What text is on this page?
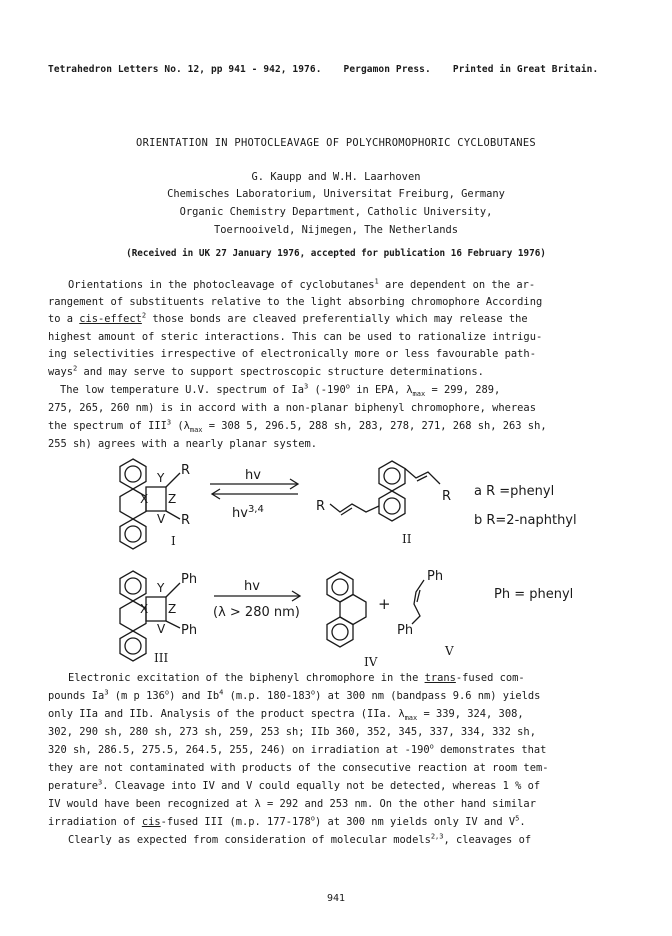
Tetrahedron Letters No. 12, pp 941 - 942, 1976. Pergamon Press. Printed in Great Britain.
ORIENTATION IN PHOTOCLEAVAGE OF POLYCHROMOPHORIC CYCLOBUTANES
G. Kaupp and W.H. Laarhoven
Chemisches Laboratorium, Universitat Freiburg, Germany
Organic Chemistry Department, Catholic University,
Toernooiveld, Nijmegen, The Netherlands
(Received in UK 27 January 1976, accepted for publication 16 February 1976)
Orientations in the photocleavage of cyclobutanes$^1$ are dependent on the ar-
rangement of substituents relative to the light absorbing chromophore According
to a cis-effect$^2$ those bonds are cleaved preferentially which may release the
highest amount of steric interactions. This can be used to rationalize intrigu-
ing selectivities irrespective of electronically more or less favourable path-
ways$^2$ and may serve to support spectroscopic structure determinations.
The low temperature U.V. spectrum of Ia$^3$ (-190$^o$ in EPA, $\lambda_{max} = 299$, 289,
275, 265, 260 nm) is in accord with a non-planar biphenyl chromophore, whereas
the spectrum of III$^3$ ($\lambda_{max} = 308$ 5, 296.5, 288 sh, 283, 278, 271, 268 sh, 263 sh,
255 sh) agrees with a nearly planar system.
Y
X Z
V
R
R
hv
hv$^{3,4}$
I
R
R
II
a R =phenyl
b R=2-naphthyl
Y
X Z
V
Ph
Ph
hv
(λ > 280 nm)
III
+
IV
Ph
Ph
V
Ph = phenyl
Electronic excitation of the biphenyl chromophore in the trans-fused com-
pounds Ia$^3$ (m p 136$^o$) and Ib$^4$ (m.p. 180-183$^o$) at 300 nm (bandpass 9.6 nm) yields
only IIa and IIb. Analysis of the product spectra (IIa. $\lambda_{max} = 339$, 324, 308,
302, 290 sh, 280 sh, 273 sh, 259, 253 sh; IIb 360, 352, 345, 337, 334, 332 sh,
320 sh, 286.5, 275.5, 264.5, 255, 246) on irradiation at -190$^o$ demonstrates that
they are not contaminated with products of the consecutive reaction at room tem-
perature$^3$. Cleavage into IV and V could equally not be detected, whereas 1 % of
IV would have been recognized at λ = 292 and 253 nm. On the other hand similar
irradiation of cis-fused III (m.p. 177-178$^o$) at 300 nm yields only IV and $V^5$.
Clearly as expected from consideration of molecular models$^{2,3}$, cleavages of
941
